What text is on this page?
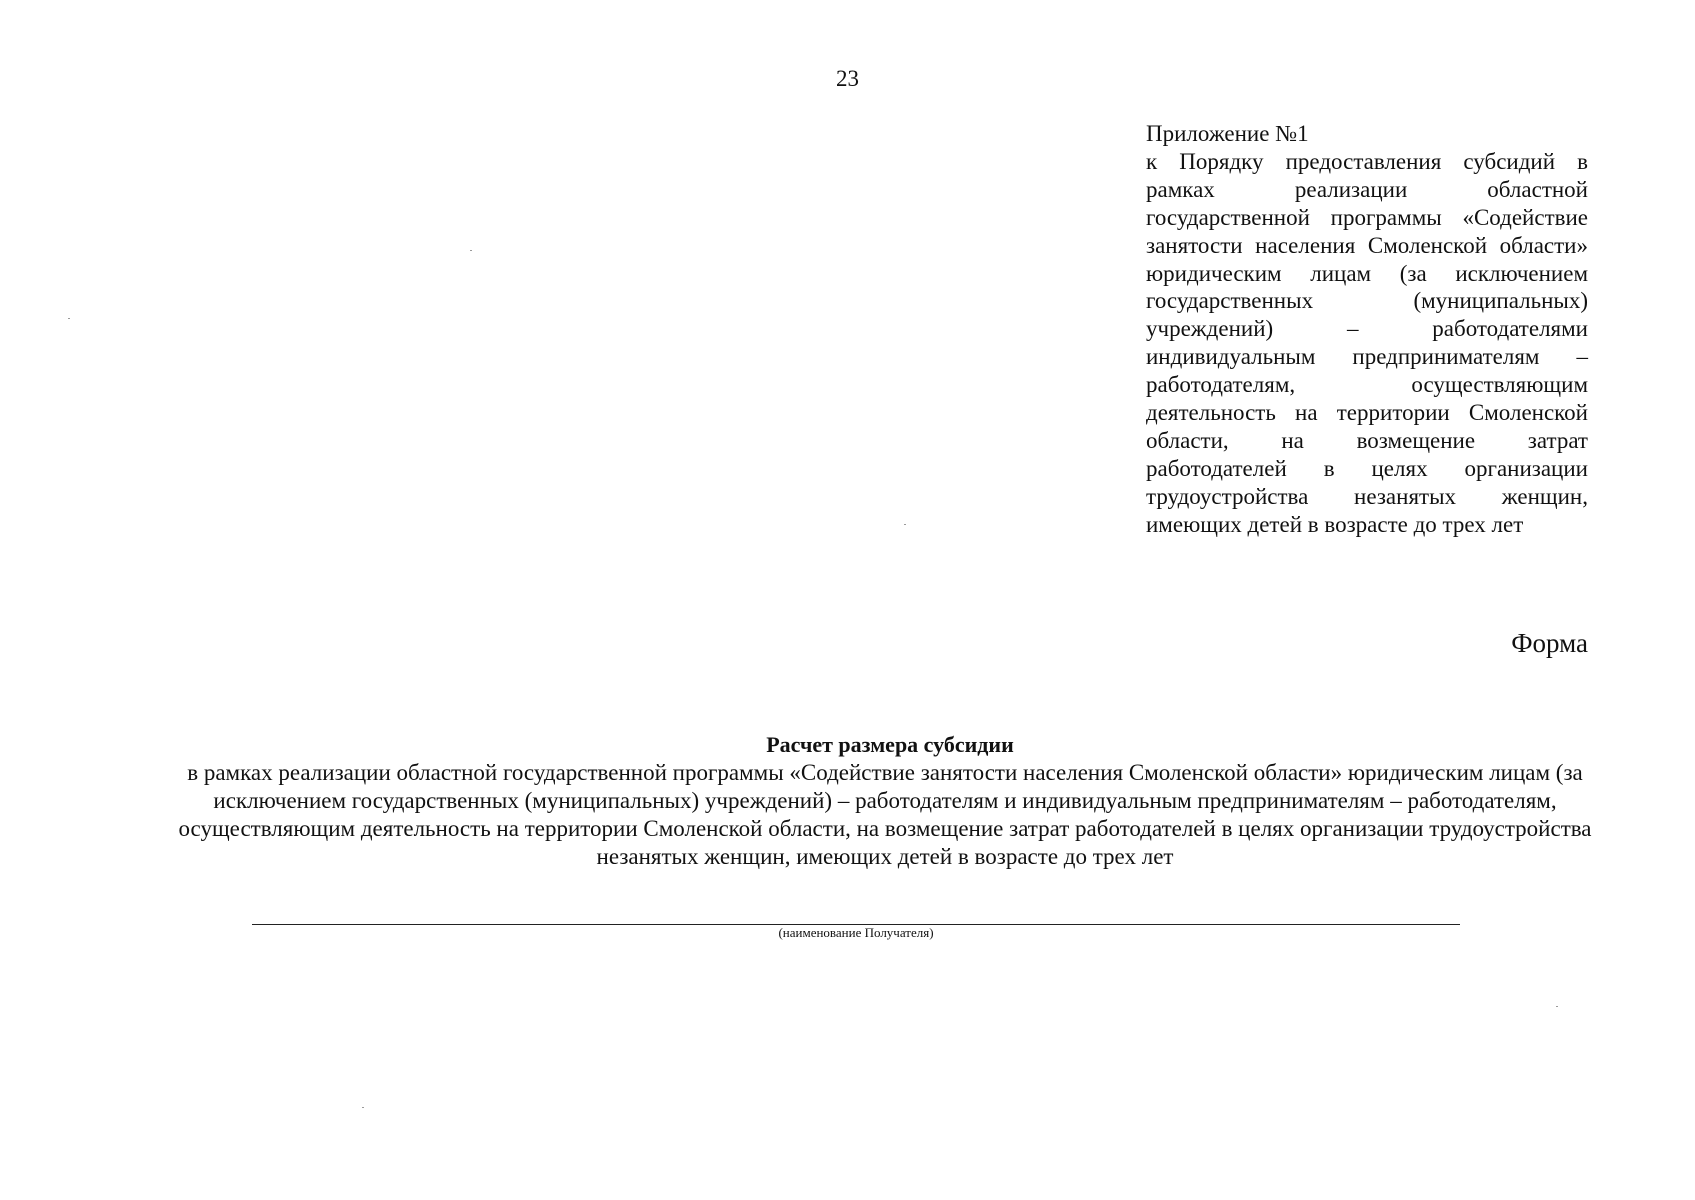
23
Приложение №1
к Порядку предоставления субсидий в рамках реализации областной государственной программы «Содействие занятости населения Смоленской области» юридическим лицам (за исключением государственных (муниципальных) учреждений) – работодателями индивидуальным предпринимателям – работодателям, осуществляющим деятельность на территории Смоленской области, на возмещение затрат работодателей в целях организации трудоустройства незанятых женщин, имеющих детей в возрасте до трех лет
Форма
Расчет размера субсидии
в рамках реализации областной государственной программы «Содействие занятости населения Смоленской области» юридическим лицам (за исключением государственных (муниципальных) учреждений) – работодателям и индивидуальным предпринимателям – работодателям, осуществляющим деятельность на территории Смоленской области, на возмещение затрат работодателей в целях организации трудоустройства незанятых женщин, имеющих детей в возрасте до трех лет
(наименование Получателя)
